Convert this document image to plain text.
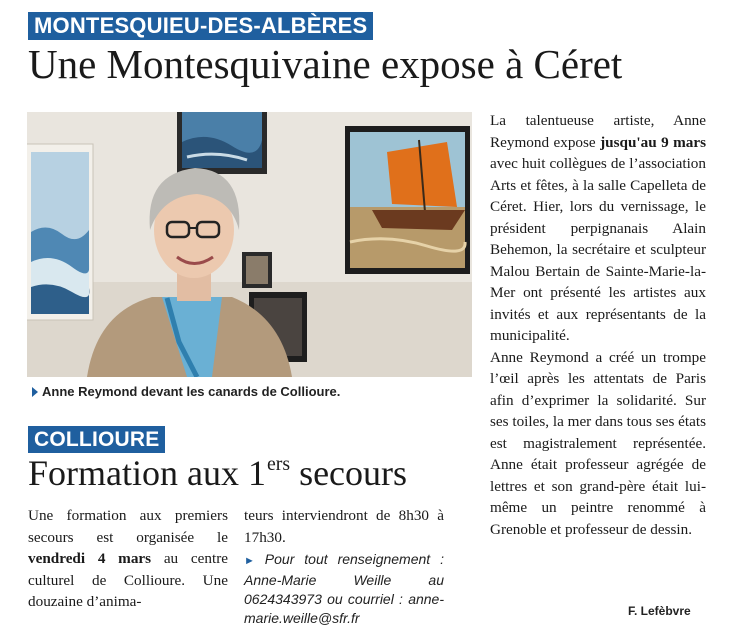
MONTESQUIEU-DES-ALBÈRES
Une Montesquivaine expose à Céret
Anne Reymond devant les canards de Collioure.

La talentueuse artiste, Anne Reymond expose jusqu'au 9 mars avec huit collègues de l’association Arts et fêtes, à la salle Capelleta de Céret. Hier, lors du vernissage, le président perpignanais Alain Behemon, la secrétaire et sculpteur Malou Bertain de Sainte-Marie-la-Mer ont présenté les artistes aux invités et aux représentants de la municipalité.

Anne Reymond a créé un trompe l’œil après les attentats de Paris afin d’exprimer la solidarité. Sur ses toiles, la mer dans tous ses états est magistralement représentée. Anne était professeur agrégée de lettres et son grand-père était lui-même un peintre renommé à Grenoble et professeur de dessin.

F. Lefèbvre
COLLIOURE
Formation aux 1ers secours

Une formation aux premiers secours est organisée le vendredi 4 mars au centre culturel de Collioure. Une douzaine d’anima-

teurs interviendront de 8h30 à 17h30.

► Pour tout renseignement : Anne-Marie Weille au 0624343973 ou courriel : anne-marie.weille@sfr.fr
